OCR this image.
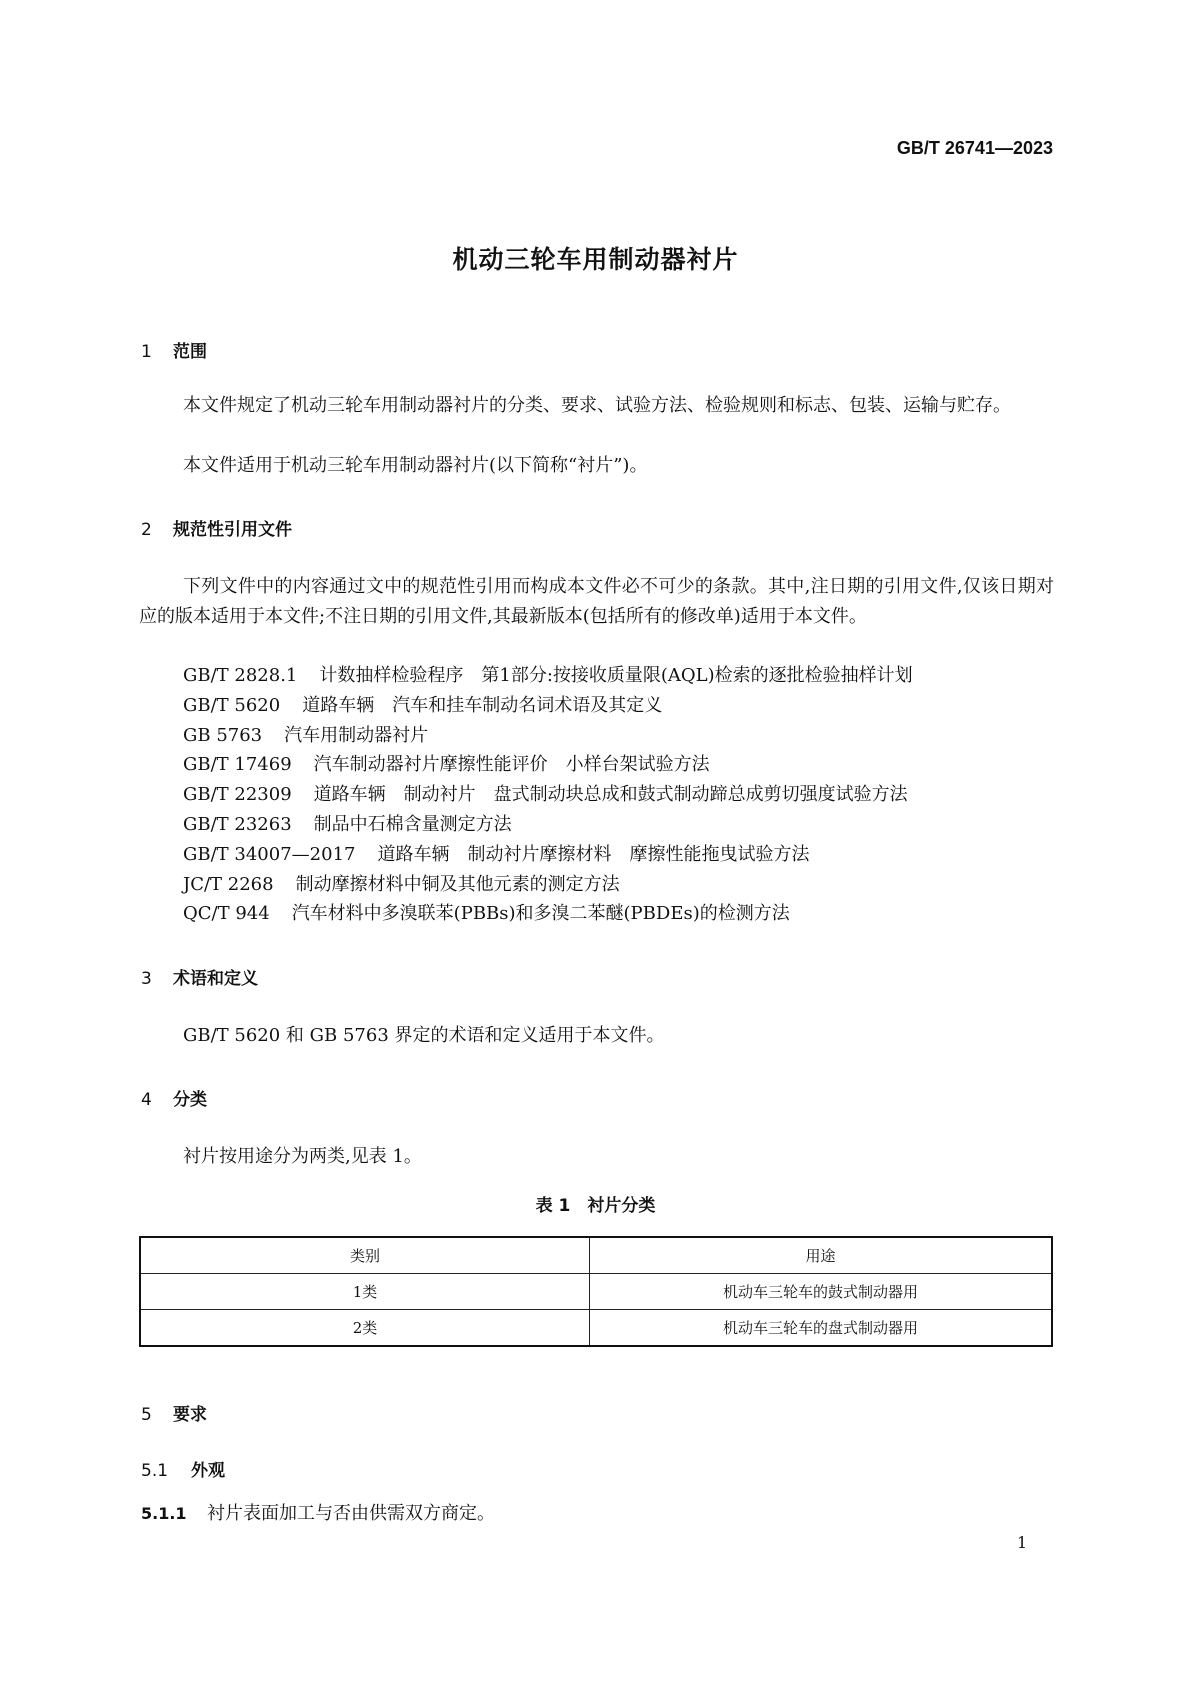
GB/T 26741—2023
机动三轮车用制动器衬片
1 范围
本文件规定了机动三轮车用制动器衬片的分类、要求、试验方法、检验规则和标志、包装、运输与贮存。
本文件适用于机动三轮车用制动器衬片(以下简称“衬片”)。
2 规范性引用文件
下列文件中的内容通过文中的规范性引用而构成本文件必不可少的条款。其中,注日期的引用文件,仅该日期对应的版本适用于本文件;不注日期的引用文件,其最新版本(包括所有的修改单)适用于本文件。
GB/T 2828.1 计数抽样检验程序　第1部分:按接收质量限(AQL)检索的逐批检验抽样计划
GB/T 5620 道路车辆　汽车和挂车制动名词术语及其定义
GB 5763 汽车用制动器衬片
GB/T 17469 汽车制动器衬片摩擦性能评价　小样台架试验方法
GB/T 22309 道路车辆　制动衬片　盘式制动块总成和鼓式制动蹄总成剪切强度试验方法
GB/T 23263 制品中石棉含量测定方法
GB/T 34007—2017 道路车辆　制动衬片摩擦材料　摩擦性能拖曳试验方法
JC/T 2268 制动摩擦材料中铜及其他元素的测定方法
QC/T 944 汽车材料中多溴联苯(PBBs)和多溴二苯醚(PBDEs)的检测方法
3 术语和定义
GB/T 5620 和 GB 5763 界定的术语和定义适用于本文件。
4 分类
衬片按用途分为两类,见表 1。
表 1　衬片分类
类别	用途
1类	机动车三轮车的鼓式制动器用
2类	机动车三轮车的盘式制动器用
5 要求
5.1 外观
5.1.1 衬片表面加工与否由供需双方商定。
1
